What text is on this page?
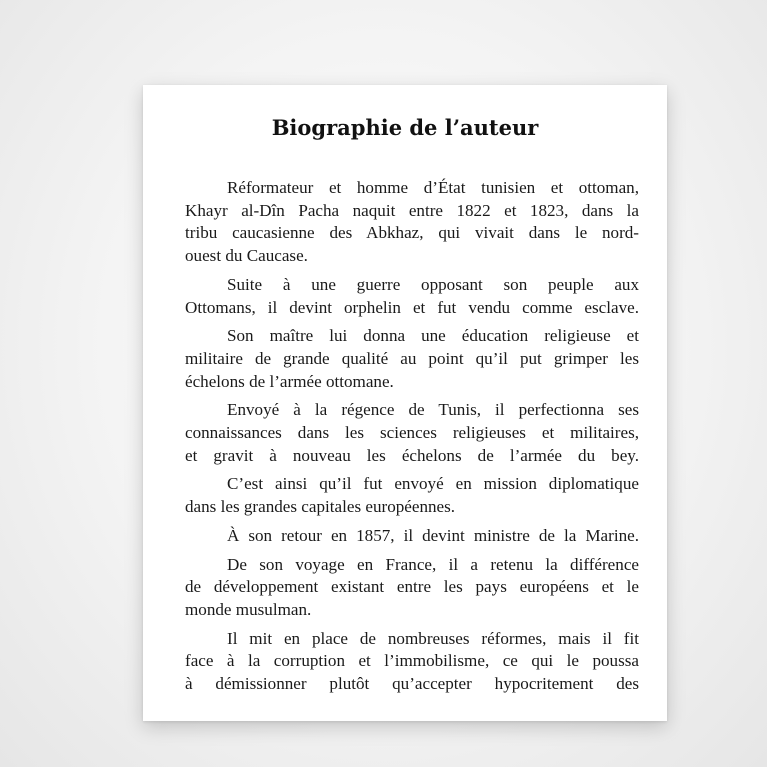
Biographie de l’auteur

Réformateur et homme d’État tunisien et ottoman,
Khayr al-Dîn Pacha naquit entre 1822 et 1823, dans la
tribu caucasienne des Abkhaz, qui vivait dans le nord-
ouest du Caucase.

Suite à une guerre opposant son peuple aux
Ottomans, il devint orphelin et fut vendu comme esclave.

Son maître lui donna une éducation religieuse et
militaire de grande qualité au point qu’il put grimper les
échelons de l’armée ottomane.

Envoyé à la régence de Tunis, il perfectionna ses
connaissances dans les sciences religieuses et militaires,
et gravit à nouveau les échelons de l’armée du bey.

C’est ainsi qu’il fut envoyé en mission diplomatique
dans les grandes capitales européennes.

À son retour en 1857, il devint ministre de la Marine.

De son voyage en France, il a retenu la différence
de développement existant entre les pays européens et le
monde musulman.

Il mit en place de nombreuses réformes, mais il fit
face à la corruption et l’immobilisme, ce qui le poussa
à démissionner plutôt qu’accepter hypocritement des
